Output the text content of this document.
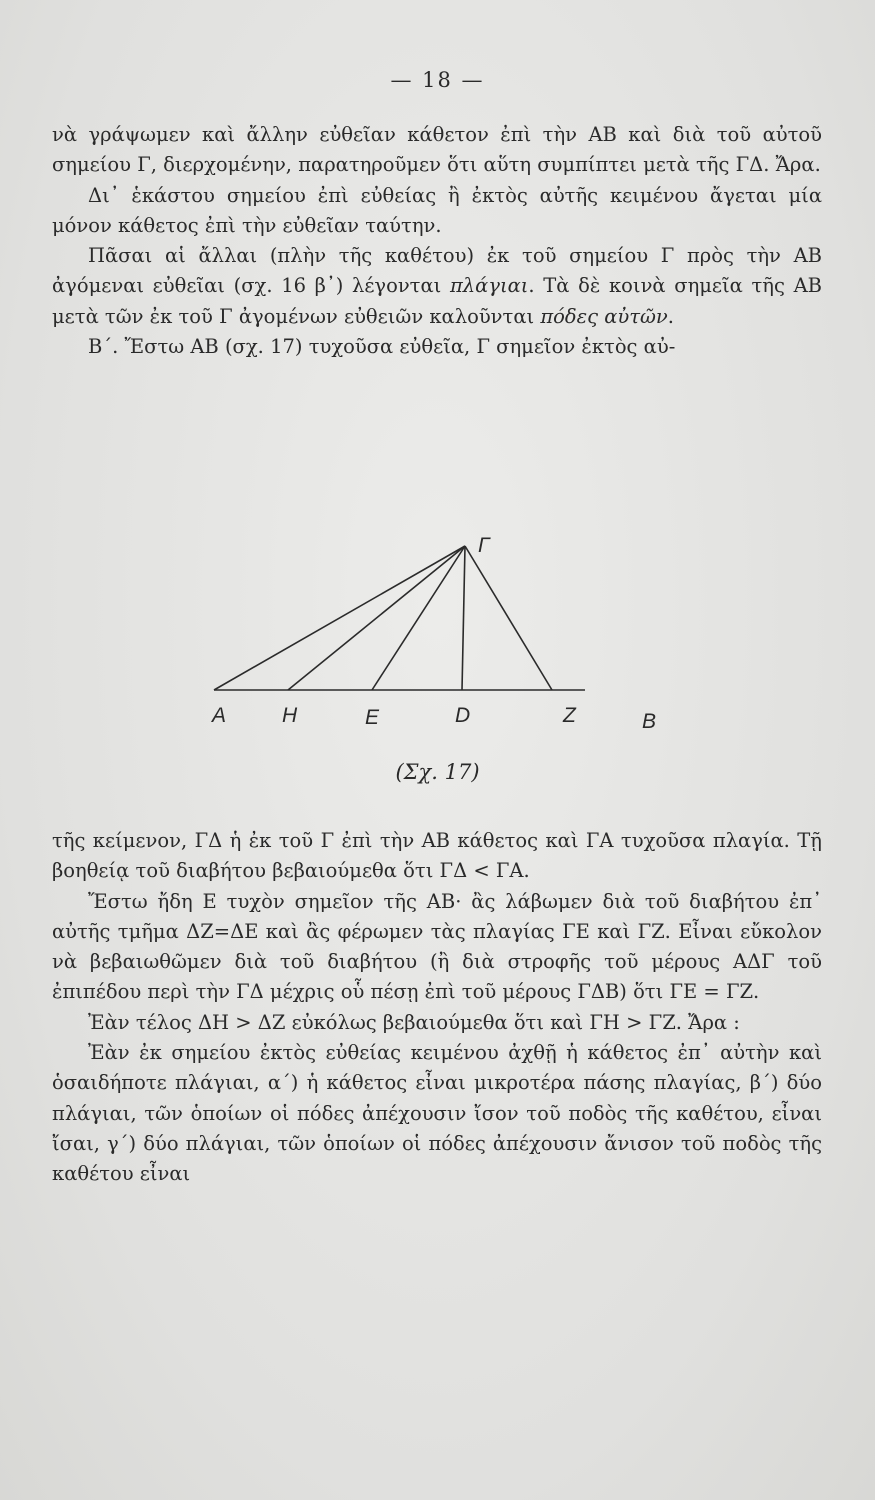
— 18 —

νὰ γράψωμεν καὶ ἄλλην εὐθεῖαν κάθετον ἐπὶ τὴν ΑΒ καὶ διὰ τοῦ αὐτοῦ σημείου Γ, διερχομένην, παρατηροῦμεν ὅτι αὕτη συμπίπτει μετὰ τῆς ΓΔ. Ἄρα.

Δι᾽ ἑκάστου σημείου ἐπὶ εὐθείας ἢ ἐκτὸς αὐτῆς κειμένου ἄγεται μία μόνον κάθετος ἐπὶ τὴν εὐθεῖαν ταύτην.

Πᾶσαι αἱ ἄλλαι (πλὴν τῆς καθέτου) ἐκ τοῦ σημείου Γ πρὸς τὴν ΑΒ ἀγόμεναι εὐθεῖαι (σχ. 16 β᾽) λέγονται πλάγιαι. Τὰ δὲ κοινὰ σημεῖα τῆς ΑΒ μετὰ τῶν ἐκ τοῦ Γ ἀγομένων εὐθειῶν καλοῦνται πόδες αὐτῶν.

Β΄. Ἔστω ΑΒ (σχ. 17) τυχοῦσα εὐθεῖα, Γ σημεῖον ἐκτὸς αὐ-

Γ
A	H	E	D	Z	B
(Σχ. 17)

τῆς κείμενον, ΓΔ ἡ ἐκ τοῦ Γ ἐπὶ τὴν ΑΒ κάθετος καὶ ΓΑ τυχοῦσα πλαγία. Τῇ βοηθείᾳ τοῦ διαβήτου βεβαιούμεθα ὅτι ΓΔ < ΓΑ.

Ἔστω ἤδη Ε τυχὸν σημεῖον τῆς ΑΒ· ἂς λάβωμεν διὰ τοῦ διαβήτου ἐπ᾽ αὐτῆς τμῆμα ΔΖ=ΔΕ καὶ ἂς φέρωμεν τὰς πλαγίας ΓΕ καὶ ΓΖ. Εἶναι εὔκολον νὰ βεβαιωθῶμεν διὰ τοῦ διαβήτου (ἢ διὰ στροφῆς τοῦ μέρους ΑΔΓ τοῦ ἐπιπέδου περὶ τὴν ΓΔ μέχρις οὗ πέσῃ ἐπὶ τοῦ μέρους ΓΔΒ) ὅτι ΓΕ = ΓΖ.

Ἐὰν τέλος ΔΗ > ΔΖ εὐκόλως βεβαιούμεθα ὅτι καὶ ΓΗ > ΓΖ. Ἄρα :

Ἐὰν ἐκ σημείου ἐκτὸς εὐθείας κειμένου ἀχθῇ ἡ κάθετος ἐπ᾽ αὐτὴν καὶ ὁσαιδήποτε πλάγιαι, α΄) ἡ κάθετος εἶναι μικροτέρα πάσης πλαγίας, β΄) δύο πλάγιαι, τῶν ὁποίων οἱ πόδες ἀπέχουσιν ἴσον τοῦ ποδὸς τῆς καθέτου, εἶναι ἴσαι, γ΄) δύο πλάγιαι, τῶν ὁποίων οἱ πόδες ἀπέχουσιν ἄνισον τοῦ ποδὸς τῆς καθέτου εἶναι
